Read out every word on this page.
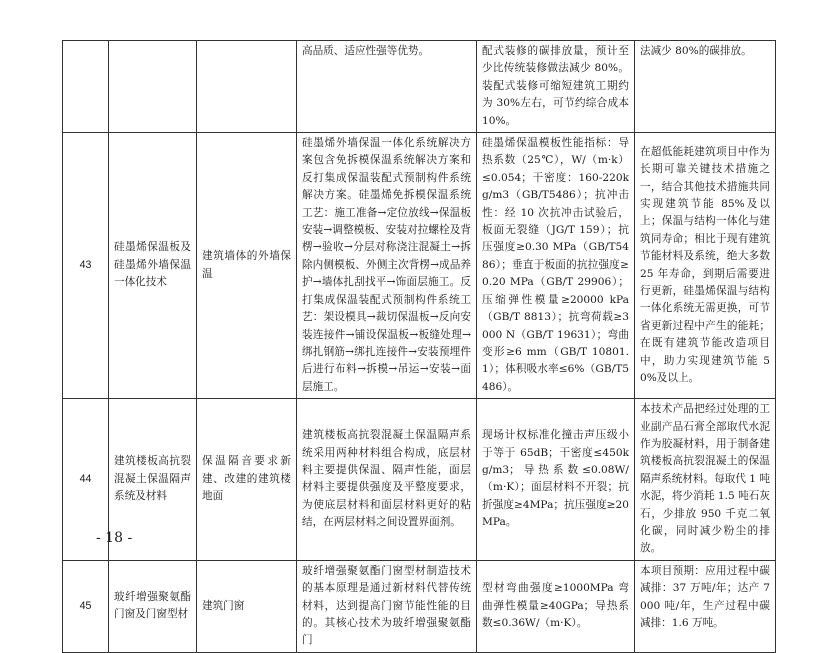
			高品质、适应性强等优势。	配式装修的碳排放量，预计至少比传统装修做法减少 80%。装配式装修可缩短建筑工期约为 30%左右，可节约综合成本 10%。	法减少 80%的碳排放。
43	硅墨烯保温板及硅墨烯外墙保温一体化技术	建筑墙体的外墙保温	硅墨烯外墙保温一体化系统解决方案包含免拆模保温系统解决方案和反打集成保温装配式预制构件系统解决方案。硅墨烯免拆模保温系统工艺：施工准备→定位放线→保温板安装→调整模板、安装对拉螺栓及背楞→验收→分层对称浇注混凝土→拆除内侧模板、外侧主次背楞→成品养护→墙体扎刮找平→饰面层施工。反打集成保温装配式预制构件系统工艺：架设模具→裁切保温板→反向安装连接件→铺设保温板→板缝处理→绑扎钢筋→绑扎连接件→安装预埋件后进行布料→拆模→吊运→安装→面层施工。	硅墨烯保温模板性能指标：导热系数（25℃），W/（m·k）≤0.054；干密度：160-220kg/m3（GB/T5486）；抗冲击性：经 10 次抗冲击试验后，板面无裂缝（JG/T 159）；抗压强度≥0.30 MPa（GB/T5486）；垂直于板面的抗拉强度≥0.20 MPa（GB/T 29906）；压缩弹性模量≥20000 kPa（GB/T 8813）；抗弯荷载≥3000 N（GB/T 19631）；弯曲变形≥6 mm（GB/T 10801.1）；体积吸水率≤6%（GB/T5486）。	在超低能耗建筑项目中作为长期可靠关键技术措施之一，结合其他技术措施共同实现建筑节能 85%及以上；保温与结构一体化与建筑同寿命；相比于现有建筑节能材料及系统，绝大多数 25 年寿命，到期后需要进行更新，硅墨烯保温与结构一体化系统无需更换，可节省更新过程中产生的能耗；在既有建筑节能改造项目中，助力实现建筑节能 50%及以上。
44	建筑楼板高抗裂混凝土保温隔声系统及材料	保温隔音要求新建、改建的建筑楼地面	建筑楼板高抗裂混凝土保温隔声系统采用两种材料组合构成，底层材料主要提供保温、隔声性能，面层材料主要提供强度及平整度要求，为使底层材料和面层材料更好的粘结，在两层材料之间设置界面剂。	现场计权标准化撞击声压级小于等于 65dB；干密度≤450kg/m3；导热系数≤0.08W/（m·K）；面层材料不开裂；抗折强度≥4MPa；抗压强度≥20MPa。	本技术产品把经过处理的工业副产品石膏全部取代水泥作为胶凝材料，用于制备建筑楼板高抗裂混凝土的保温隔声系统材料。每取代 1 吨水泥，将少消耗 1.5 吨石灰石，少排放 950 千克二氧化碳，同时减少粉尘的排放。
45	玻纤增强聚氨酯门窗及门窗型材	建筑门窗	玻纤增强聚氨酯门窗型材制造技术的基本原理是通过新材料代替传统材料，达到提高门窗节能性能的目的。其核心技术为玻纤增强聚氨酯门	型材弯曲强度≥1000MPa 弯曲弹性模量≥40GPa；导热系数≤0.36W/（m·K）。	本项目预期：应用过程中碳减排：37 万吨/年；达产 7000 吨/年，生产过程中碳减排：1.6 万吨。
- 18 -
